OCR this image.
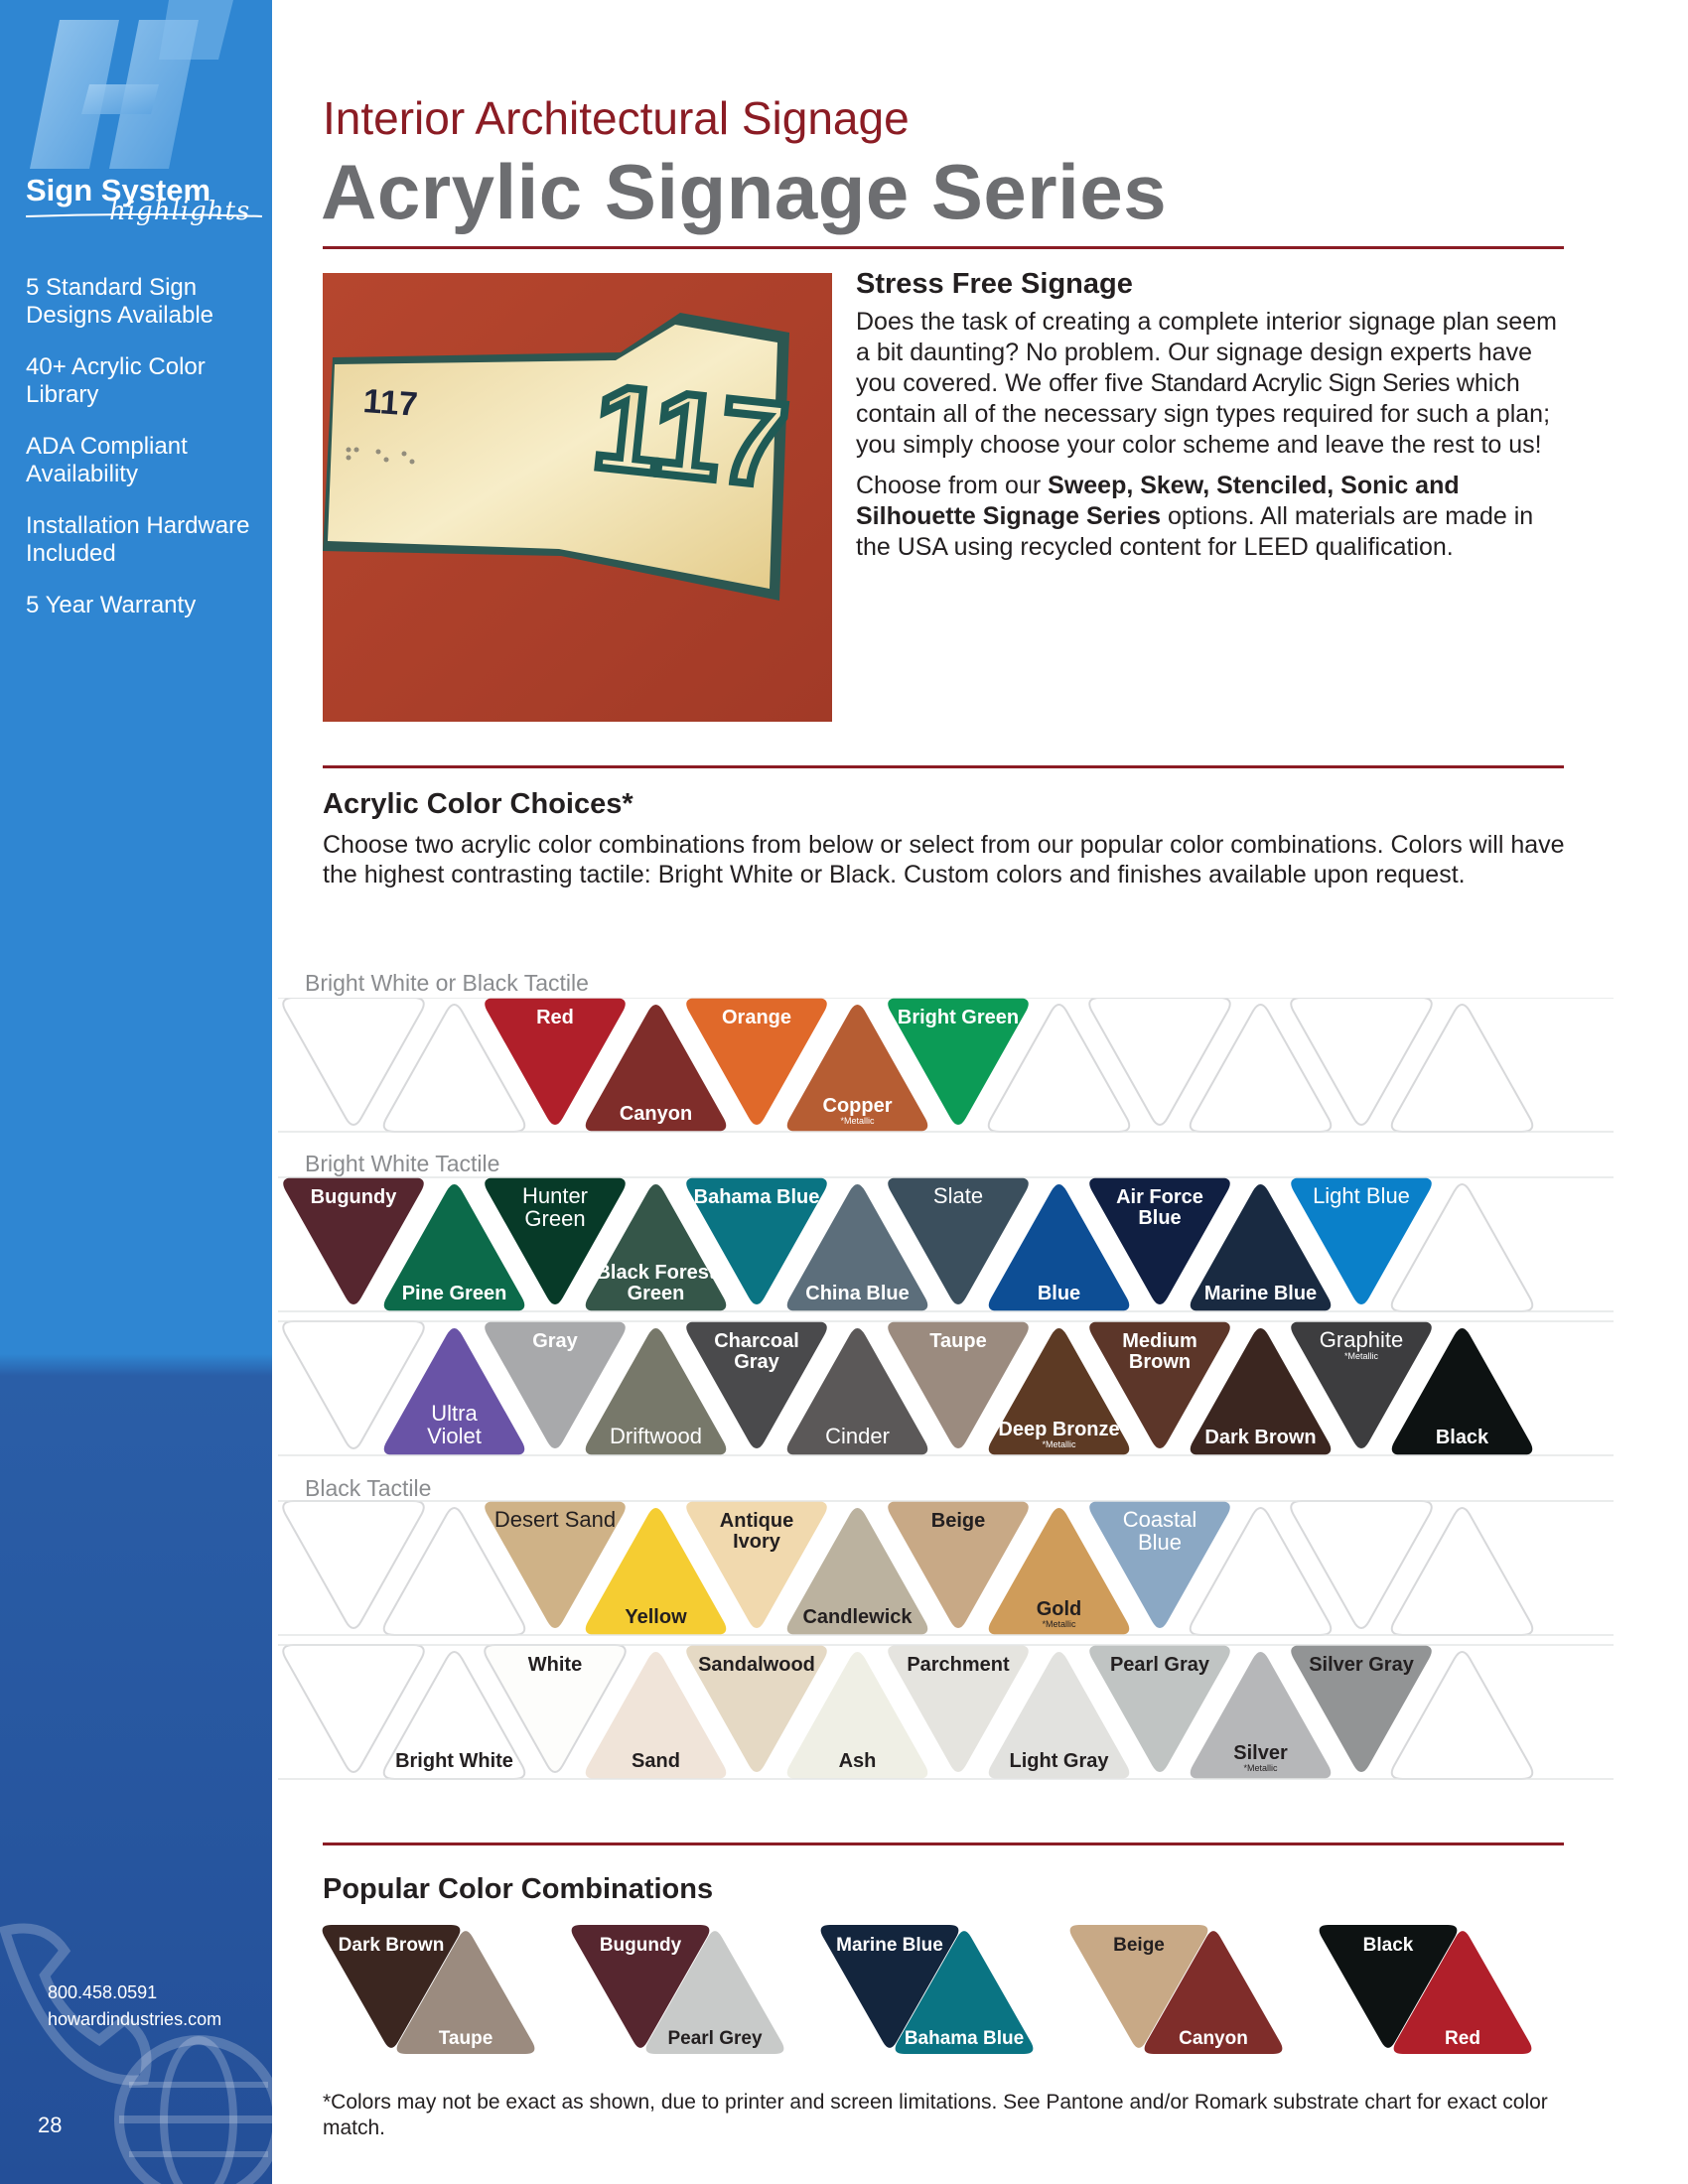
Sign System
highlights
5 Standard Sign Designs Available
40+ Acrylic Color Library
ADA Compliant Availability
Installation Hardware Included
5 Year Warranty
800.458.0591
howardindustries.com
28
Interior Architectural Signage
Acrylic Signage Series
117
117
Stress Free Signage

Does the task of creating a complete interior signage plan seem a bit daunting? No problem. Our signage design experts have you covered. We offer five Standard Acrylic Sign Series which contain all of the necessary sign types required for such a plan; you simply choose your color scheme and leave the rest to us!

Choose from our Sweep, Skew, Stenciled, Sonic and Silhouette Signage Series options. All materials are made in the USA using recycled content for LEED qualification.

Acrylic Color Choices*
Choose two acrylic color combinations from below or select from our popular color combinations. Colors will have the highest contrasting tactile: Bright White or Black. Custom colors and finishes available upon request.
Bright White or Black Tactile
Bright White Tactile
Black Tactile
Red
Canyon
Orange
Copper
*Metallic
Bright Green
Bugundy
Pine Green
Hunter
Green
Black Forest
Green
Bahama Blue
China Blue
Slate
Blue
Air Force
Blue
Marine Blue
Light Blue
Ultra
Violet
Gray
Driftwood
Charcoal
Gray
Cinder
Taupe
Deep Bronze
*Metallic
Medium
Brown
Dark Brown
Graphite
*Metallic
Black
Desert Sand
Yellow
Antique
Ivory
Candlewick
Beige
Gold
*Metallic
Coastal
Blue
Bright White
White
Sand
Sandalwood
Ash
Parchment
Light Gray
Pearl Gray
Silver
*Metallic
Silver Gray
Popular Color Combinations
Dark Brown
Taupe
Bugundy
Pearl Grey
Marine Blue
Bahama Blue
Beige
Canyon
Black
Red
*Colors may not be exact as shown, due to printer and screen limitations. See Pantone and/or Romark substrate chart for exact color match.
